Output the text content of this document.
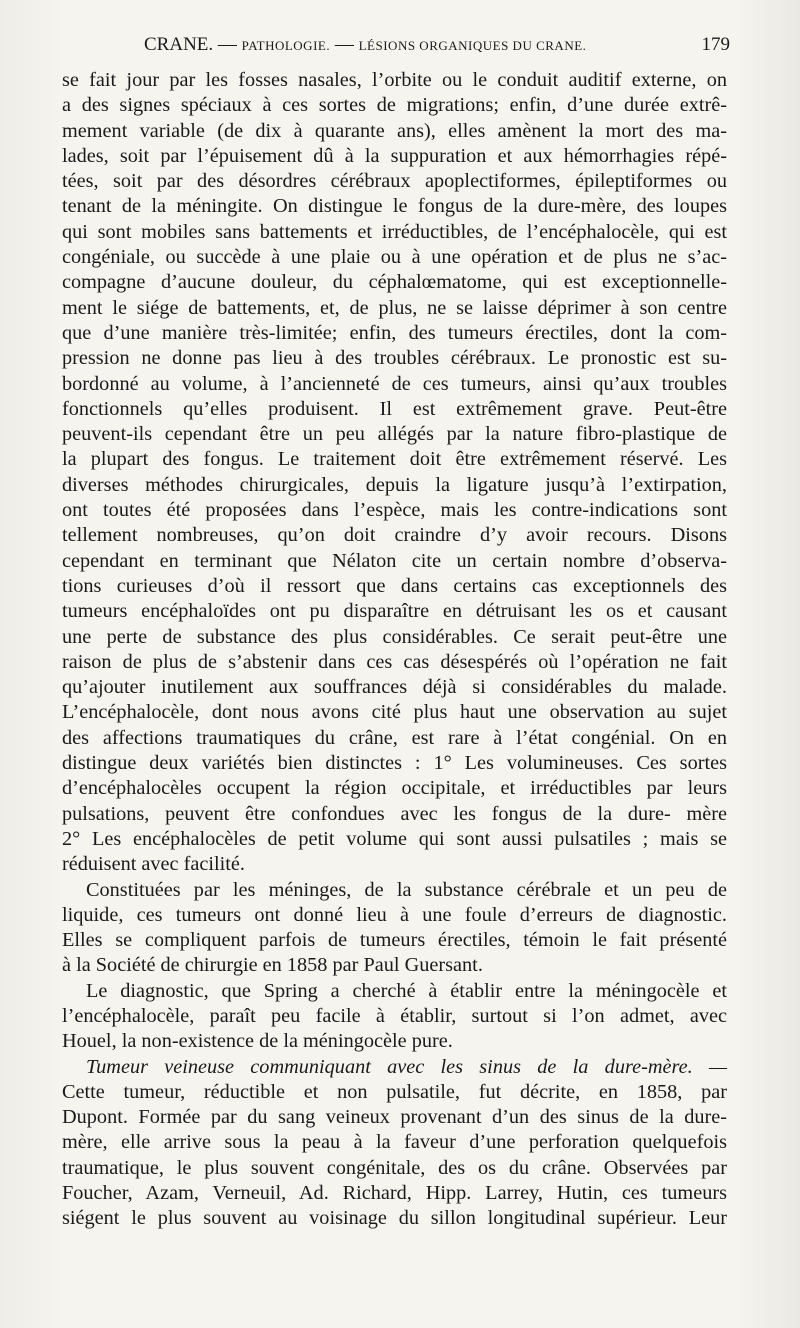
CRANE. — PATHOLOGIE. — LÉSIONS ORGANIQUES DU CRANE.	179
se fait jour par les fosses nasales, l’orbite ou le conduit auditif externe, on
a des signes spéciaux à ces sortes de migrations; enfin, d’une durée extrê-
mement variable (de dix à quarante ans), elles amènent la mort des ma-
lades, soit par l’épuisement dû à la suppuration et aux hémorrhagies répé-
tées, soit par des désordres cérébraux apoplectiformes, épileptiformes ou
tenant de la méningite. On distingue le fongus de la dure-mère, des loupes
qui sont mobiles sans battements et irréductibles, de l’encéphalocèle, qui est
congéniale, ou succède à une plaie ou à une opération et de plus ne s’ac-
compagne d’aucune douleur, du céphalœmatome, qui est exceptionnelle-
ment le siége de battements, et, de plus, ne se laisse déprimer à son centre
que d’une manière très-limitée; enfin, des tumeurs érectiles, dont la com-
pression ne donne pas lieu à des troubles cérébraux. Le pronostic est su-
bordonné au volume, à l’ancienneté de ces tumeurs, ainsi qu’aux troubles
fonctionnels qu’elles produisent. Il est extrêmement grave. Peut-être
peuvent-ils cependant être un peu allégés par la nature fibro-plastique de
la plupart des fongus. Le traitement doit être extrêmement réservé. Les
diverses méthodes chirurgicales, depuis la ligature jusqu’à l’extirpation,
ont toutes été proposées dans l’espèce, mais les contre-indications sont
tellement nombreuses, qu’on doit craindre d’y avoir recours. Disons
cependant en terminant que Nélaton cite un certain nombre d’observa-
tions curieuses d’où il ressort que dans certains cas exceptionnels des
tumeurs encéphaloïdes ont pu disparaître en détruisant les os et causant
une perte de substance des plus considérables. Ce serait peut-être une
raison de plus de s’abstenir dans ces cas désespérés où l’opération ne fait
qu’ajouter inutilement aux souffrances déjà si considérables du malade.
L’encéphalocèle, dont nous avons cité plus haut une observation au sujet
des affections traumatiques du crâne, est rare à l’état congénial. On en
distingue deux variétés bien distinctes : 1° Les volumineuses. Ces sortes
d’encéphalocèles occupent la région occipitale, et irréductibles par leurs
pulsations, peuvent être confondues avec les fongus de la dure- mère
2° Les encéphalocèles de petit volume qui sont aussi pulsatiles ; mais se
réduisent avec facilité.
Constituées par les méninges, de la substance cérébrale et un peu de
liquide, ces tumeurs ont donné lieu à une foule d’erreurs de diagnostic.
Elles se compliquent parfois de tumeurs érectiles, témoin le fait présenté
à la Société de chirurgie en 1858 par Paul Guersant.
Le diagnostic, que Spring a cherché à établir entre la méningocèle et
l’encéphalocèle, paraît peu facile à établir, surtout si l’on admet, avec
Houel, la non-existence de la méningocèle pure.
Tumeur veineuse communiquant avec les sinus de la dure-mère. —
Cette tumeur, réductible et non pulsatile, fut décrite, en 1858, par
Dupont. Formée par du sang veineux provenant d’un des sinus de la dure-
mère, elle arrive sous la peau à la faveur d’une perforation quelquefois
traumatique, le plus souvent congénitale, des os du crâne. Observées par
Foucher, Azam, Verneuil, Ad. Richard, Hipp. Larrey, Hutin, ces tumeurs
siégent le plus souvent au voisinage du sillon longitudinal supérieur. Leur
